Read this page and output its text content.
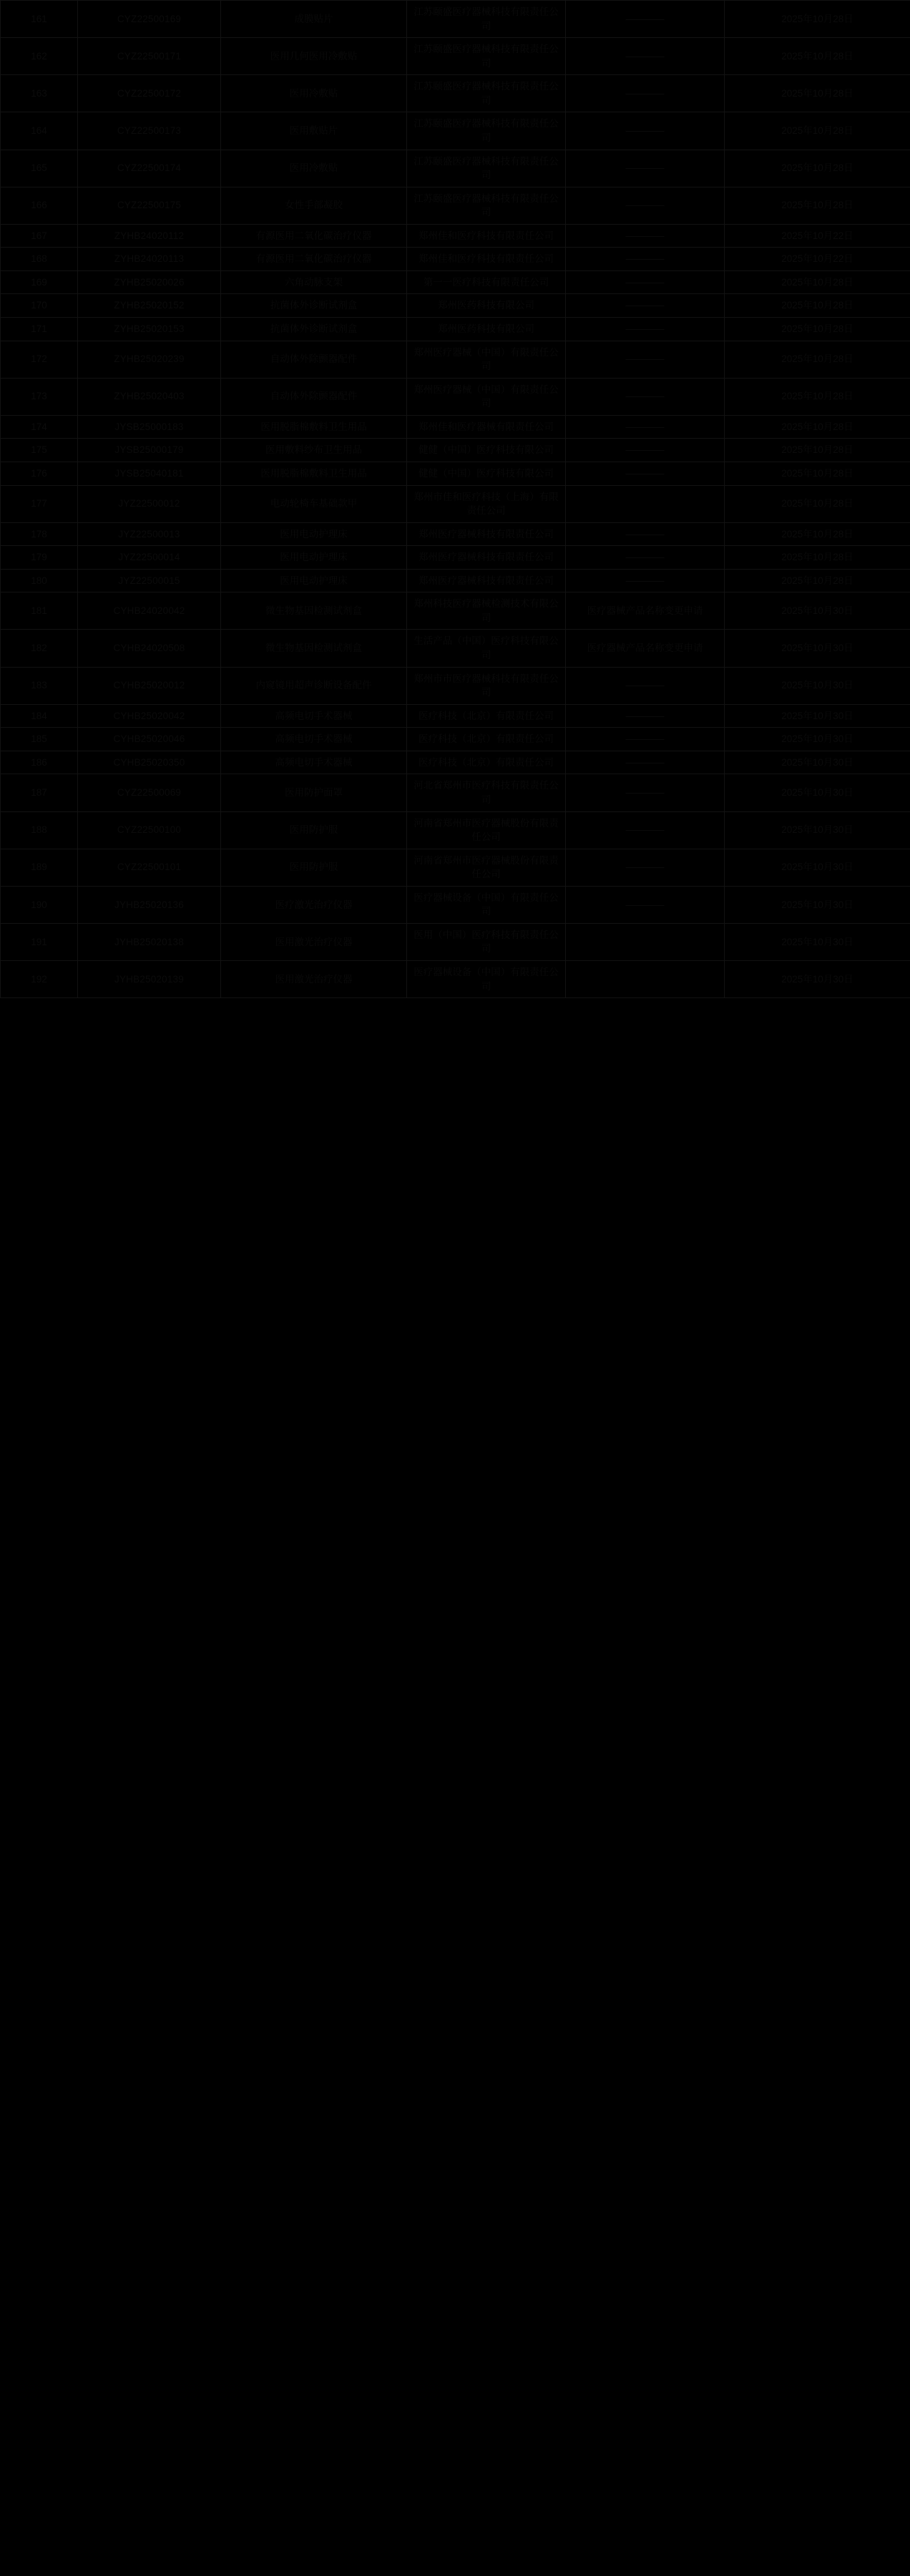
161	CYZ22500169	成膜贴片	江苏颐盛医疗器械科技有限责任公司	————	2025年10月28日
162	CYZ22500171	医用几何医用冷敷贴	江苏颐盛医疗器械科技有限责任公司	————	2025年10月28日
163	CYZ22500172	医用冷敷贴	江苏颐盛医疗器械科技有限责任公司	————	2025年10月28日
164	CYZ22500173	医用敷贴片	江苏颐盛医疗器械科技有限责任公司	————	2025年10月28日
165	CYZ22500174	医用冷敷贴	江苏颐盛医疗器械科技有限责任公司	————	2025年10月28日
166	CYZ22500175	女性手部凝胶	江苏颐盛医疗器械科技有限责任公司	————	2025年10月28日
167	ZYHB24020112	有源医用二氧化碳治疗仪器	郑州佳和医疗科技有限责任公司	————	2025年10月22日
168	ZYHB24020113	有源医用二氧化碳治疗仪器	郑州佳和医疗科技有限责任公司	————	2025年10月22日
169	ZYHB25020026	六角动脉支架	第一一医疗科技有限责任公司	————	2025年10月28日
170	ZYHB25020152	抗菌体外诊断试剂盒	郑州医药科技有限公司	————	2025年10月28日
171	ZYHB25020153	抗菌体外诊断试剂盒	郑州医药科技有限公司	————	2025年10月28日
172	ZYHB25020239	自动体外除颤器配件	郑州医疗器械（中国）有限责任公司	————	2025年10月28日
173	ZYHB25020403	自动体外除颤器配件	郑州医疗器械（中国）有限责任公司	————	2025年10月28日
174	JYSB25000183	医用脱脂棉敷料卫生用品	郑州佳和医疗器械有限责任公司	————	2025年10月28日
175	JYSB25000179	医用敷料纱布卫生用品	健健（中国）医疗科技有限公司	————	2025年10月28日
176	JYSB25040181	医用脱脂棉敷料卫生用品	健健（中国）医疗科技有限公司	————	2025年10月28日
177	JYZ22500012	电动轮椅车基础款甲	郑州市佳和医疗科技（上海）有限责任公司		2025年10月28日
178	JYZ22500013	医用电动护理床	郑州医疗器械科技有限责任公司	————	2025年10月28日
179	JYZ22500014	医用电动护理床	郑州医疗器械科技有限责任公司	————	2025年10月28日
180	JYZ22500015	医用电动护理床	郑州医疗器械科技有限责任公司	————	2025年10月28日
181	CYHB24020042	微生物基因检测试剂盒	郑州科技医疗器械检测技术有限公司	医疗器械产品名称变更申请	2025年10月30日
182	CYHB24020508	微生物基因检测试剂盒	生活产品（中国）医疗科技有限公司	医疗器械产品名称变更申请	2025年10月30日
183	CYHB25020012	内窥镜用超声诊断设备配件	郑州市市医疗器械科技有限责任公司	————	2025年10月30日
184	CYHB25020042	高频电切手术器械	医疗科技（北京）有限责任公司	————	2025年10月30日
185	CYHB25020046	高频电切手术器械	医疗科技（北京）有限责任公司	————	2025年10月30日
186	CYHB25020350	高频电切手术器械	医疗科技（北京）有限责任公司	————	2025年10月30日
187	CYZ22500069	医用防护面罩	河北省郑州市医疗科技有限责任公司	————	2025年10月30日
188	CYZ22500100	医用防护服	河南省郑州市医疗器械股份有限责任公司	————	2025年10月30日
189	CYZ22500101	医用防护服	河南省郑州市医疗器械股份有限责任公司	————	2025年10月30日
190	JYHB25020136	医疗激光治疗仪器	医疗器械设备（中国）有限责任公司	————	2025年10月30日
191	JYHB25020138	医用激光治疗仪器	医用（中国）医疗科技有限责任公司		2025年10月30日
192	JYHB25020139	医用激光治疗仪器	医疗器械设备（中国）有限责任公司		2025年10月30日
